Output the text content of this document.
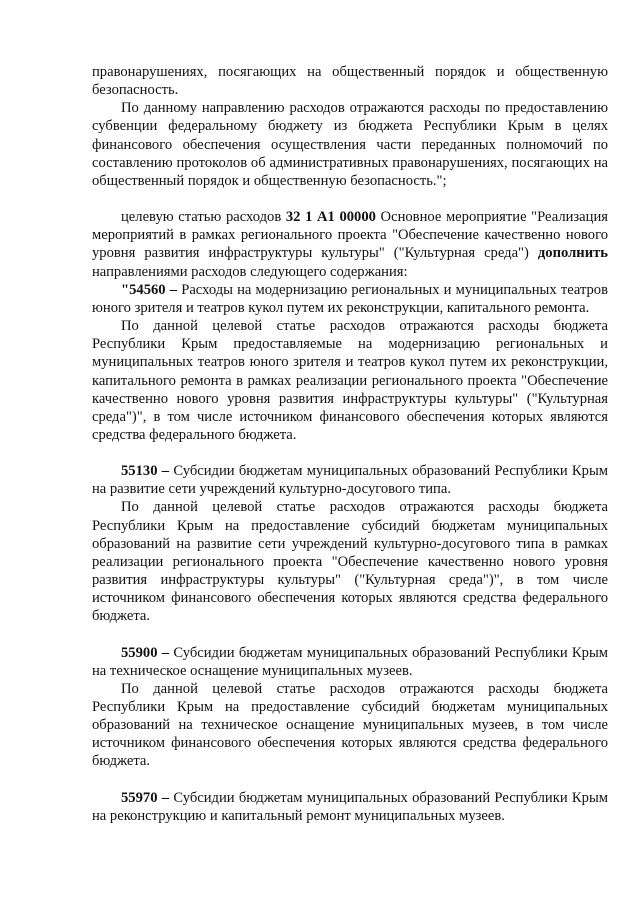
правонарушениях, посягающих на общественный порядок и общественную безопасность.

По данному направлению расходов отражаются расходы по предоставлению субвенции федеральному бюджету из бюджета Республики Крым в целях финансового обеспечения осуществления части переданных полномочий по составлению протоколов об административных правонарушениях, посягающих на общественный порядок и общественную безопасность.";

целевую статью расходов 32 1 А1 00000 Основное мероприятие "Реализация мероприятий в рамках регионального проекта "Обеспечение качественно нового уровня развития инфраструктуры культуры" ("Культурная среда") дополнить направлениями расходов следующего содержания:

"54560 – Расходы на модернизацию региональных и муниципальных театров юного зрителя и театров кукол путем их реконструкции, капитального ремонта.

По данной целевой статье расходов отражаются расходы бюджета Республики Крым предоставляемые на модернизацию региональных и муниципальных театров юного зрителя и театров кукол путем их реконструкции, капитального ремонта в рамках реализации регионального проекта "Обеспечение качественно нового уровня развития инфраструктуры культуры" ("Культурная среда")", в том числе источником финансового обеспечения которых являются средства федерального бюджета.

55130 – Субсидии бюджетам муниципальных образований Республики Крым на развитие сети учреждений культурно-досугового типа.

По данной целевой статье расходов отражаются расходы бюджета Республики Крым на предоставление субсидий бюджетам муниципальных образований на развитие сети учреждений культурно-досугового типа в рамках реализации регионального проекта "Обеспечение качественно нового уровня развития инфраструктуры культуры" ("Культурная среда")", в том числе источником финансового обеспечения которых являются средства федерального бюджета.

55900 – Субсидии бюджетам муниципальных образований Республики Крым на техническое оснащение муниципальных музеев.

По данной целевой статье расходов отражаются расходы бюджета Республики Крым на предоставление субсидий бюджетам муниципальных образований на техническое оснащение муниципальных музеев, в том числе источником финансового обеспечения которых являются средства федерального бюджета.

55970 – Субсидии бюджетам муниципальных образований Республики Крым на реконструкцию и капитальный ремонт муниципальных музеев.
